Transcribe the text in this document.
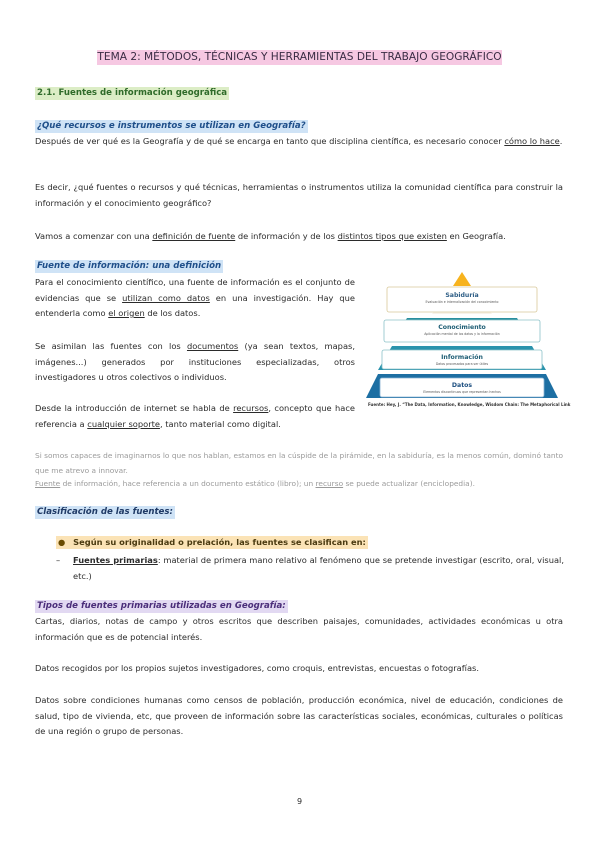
TEMA 2: MÉTODOS, TÉCNICAS Y HERRAMIENTAS DEL TRABAJO GEOGRÁFICO

2.1. Fuentes de información geográfica

¿Qué recursos e instrumentos se utilizan en Geografía?

Después de ver qué es la Geografía y de qué se encarga en tanto que disciplina científica, es necesario conocer cómo lo hace.

Es decir, ¿qué fuentes o recursos y qué técnicas, herramientas o instrumentos utiliza la comunidad científica para construir la información y el conocimiento geográfico?

Vamos a comenzar con una definición de fuente de información y de los distintos tipos que existen en Geografía.

Fuente de información: una definición

Para el conocimiento científico, una fuente de información es el conjunto de evidencias que se utilizan como datos en una investigación. Hay que entenderla como el origen de los datos.

Se asimilan las fuentes con los documentos (ya sean textos, mapas, imágenes...) generados por instituciones especializadas, otros investigadores u otros colectivos o individuos.

Desde la introducción de internet se habla de recursos, concepto que hace referencia a cualquier soporte, tanto material como digital.

Sabiduría
Evaluación e internalización del conocimiento
Conocimiento
Aplicación mental de los datos y la información
Información
Datos procesados para ser útiles
Datos
Elementos discontinuos que representan hechos

Fuente: Hey, J. “The Data, Information, Knowledge, Wisdom Chain: The Metaphorical Link

Si somos capaces de imaginarnos lo que nos hablan, estamos en la cúspide de la pirámide, en la sabiduría, es la menos común, dominó tanto que me atrevo a innovar.

Fuente de información, hace referencia a un documento estático (libro); un recurso se puede actualizar (enciclopedia).

Clasificación de las fuentes:

● Según su originalidad o prelación, las fuentes se clasifican en:

–	Fuentes primarias: material de primera mano relativo al fenómeno que se pretende investigar (escrito, oral, visual, etc.)

Tipos de fuentes primarias utilizadas en Geografía:

Cartas, diarios, notas de campo y otros escritos que describen paisajes, comunidades, actividades económicas u otra información que es de potencial interés.

Datos recogidos por los propios sujetos investigadores, como croquis, entrevistas, encuestas o fotografías.

Datos sobre condiciones humanas como censos de población, producción económica, nivel de educación, condiciones de salud, tipo de vivienda, etc, que proveen de información sobre las características sociales, económicas, culturales o políticas de una región o grupo de personas.

9
